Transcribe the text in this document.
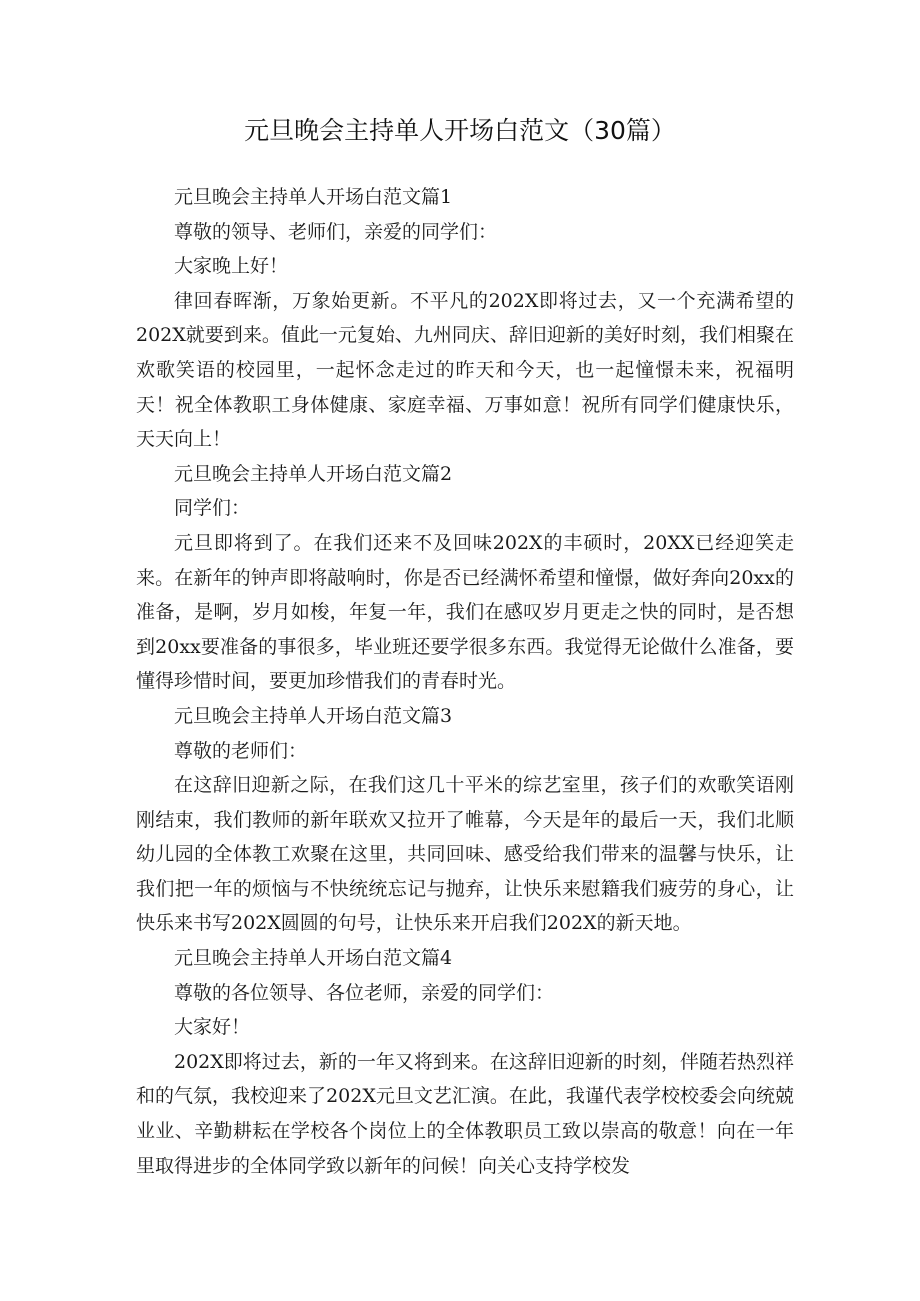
元旦晚会主持单人开场白范文（30篇）

元旦晚会主持单人开场白范文篇1

尊敬的领导、老师们，亲爱的同学们：

大家晚上好！

律回春晖渐，万象始更新。不平凡的202X即将过去，又一个充满希望的202X就要到来。值此一元复始、九州同庆、辞旧迎新的美好时刻，我们相聚在欢歌笑语的校园里，一起怀念走过的昨天和今天，也一起憧憬未来，祝福明天！祝全体教职工身体健康、家庭幸福、万事如意！祝所有同学们健康快乐，天天向上！

元旦晚会主持单人开场白范文篇2

同学们：

元旦即将到了。在我们还来不及回味202X的丰硕时，20XX已经迎笑走来。在新年的钟声即将敲响时，你是否已经满怀希望和憧憬，做好奔向20xx的准备，是啊，岁月如梭，年复一年，我们在感叹岁月更走之快的同时，是否想到20xx要准备的事很多，毕业班还要学很多东西。我觉得无论做什么准备，要懂得珍惜时间，要更加珍惜我们的青春时光。

元旦晚会主持单人开场白范文篇3

尊敬的老师们：

在这辞旧迎新之际，在我们这几十平米的综艺室里，孩子们的欢歌笑语刚刚结束，我们教师的新年联欢又拉开了帷幕，今天是年的最后一天，我们北顺幼儿园的全体教工欢聚在这里，共同回味、感受给我们带来的温馨与快乐，让我们把一年的烦恼与不快统统忘记与抛弃，让快乐来慰籍我们疲劳的身心，让快乐来书写202X圆圆的句号，让快乐来开启我们202X的新天地。

元旦晚会主持单人开场白范文篇4

尊敬的各位领导、各位老师，亲爱的同学们：

大家好！

202X即将过去，新的一年又将到来。在这辞旧迎新的时刻，伴随若热烈祥和的气氛，我校迎来了202X元旦文艺汇演。在此，我谨代表学校校委会向统兢业业、辛勤耕耘在学校各个岗位上的全体教职员工致以崇高的敬意！向在一年里取得进步的全体同学致以新年的问候！向关心支持学校发
